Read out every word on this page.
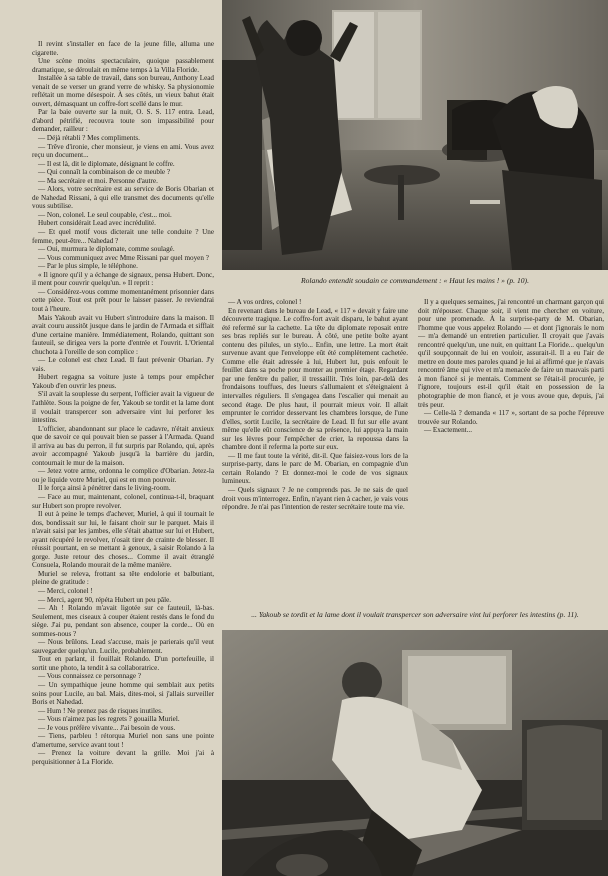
Rolando entendit soudain ce commandement : « Haut les mains ! » (p. 10).

Il revint s'installer en face de la jeune fille, alluma une cigarette.

Une scène moins spectaculaire, quoique passablement dramatique, se déroulait en même temps à la Villa Floride.

Installée à sa table de travail, dans son bureau, Anthony Lead venait de se verser un grand verre de whisky. Sa physionomie reflétait un morne désespoir. À ses côtés, un vieux bahut était ouvert, démasquant un coffre-fort scellé dans le mur.

Par la baie ouverte sur la nuit, O. S. S. 117 entra. Lead, d'abord pétrifié, recouvra toute son impassibilité pour demander, railleur :

— Déjà rétabli ? Mes compliments.

— Trêve d'ironie, cher monsieur, je viens en ami. Vous avez reçu un document...

— Il est là, dit le diplomate, désignant le coffre.

— Qui connaît la combinaison de ce meuble ?

— Ma secrétaire et moi. Personne d'autre.

— Alors, votre secrétaire est au service de Boris Obarian et de Nahedad Rissani, à qui elle transmet des documents qu'elle vous subtilise.

— Non, colonel. Le seul coupable, c'est... moi.

Hubert considérait Lead avec incrédulité.

— Et quel motif vous dicterait une telle conduite ? Une femme, peut-être... Nahedad ?

— Oui, murmura le diplomate, comme soulagé.

— Vous communiquez avec Mme Rissani par quel moyen ?

— Par le plus simple, le téléphone.

« Il ignore qu'il y a échange de signaux, pensa Hubert. Donc, il ment pour couvrir quelqu'un. » Il reprit :

— Considérez-vous comme momentanément prisonnier dans cette pièce. Tout est prêt pour le laisser passer. Je reviendrai tout à l'heure.

Mais Yakoub avait vu Hubert s'introduire dans la maison. Il avait couru aussitôt jusque dans le jardin de l'Armada et sifflait d'une certaine manière. Immédiatement, Rolando, quittant son fauteuil, se dirigea vers la porte d'entrée et l'ouvrit. L'Oriental chuchota à l'oreille de son complice :

— Le colonel est chez Lead. Il faut prévenir Obarian. J'y vais.

Hubert regagna sa voiture juste à temps pour empêcher Yakoub d'en ouvrir les pneus.

S'il avait la souplesse du serpent, l'officier avait la vigueur de l'athlète. Sous la poigne de fer, Yakoub se tordit et la lame dont il voulait transpercer son adversaire vint lui perforer les intestins.

L'officier, abandonnant sur place le cadavre, n'était anxieux que de savoir ce qui pouvait bien se passer à l'Armada. Quand il arriva au bas du perron, il fut surpris par Rolando, qui, après avoir accompagné Yakoub jusqu'à la barrière du jardin, contournait le mur de la maison.

— Jetez votre arme, ordonna le complice d'Obarian. Jetez-la ou je liquide votre Muriel, qui est en mon pouvoir.

Il le força ainsi à pénétrer dans le living-room.

— Face au mur, maintenant, colonel, continua-t-il, braquant sur Hubert son propre revolver.

Il eut à peine le temps d'achever, Muriel, à qui il tournait le dos, bondissait sur lui, le faisant choir sur le parquet. Mais il n'avait saisi par les jambes, elle s'était abattue sur lui et Hubert, ayant récupéré le revolver, n'osait tirer de crainte de blesser. Il réussit pourtant, en se mettant à genoux, à saisir Rolando à la gorge. Juste retour des choses... Comme il avait étranglé Consuela, Rolando mourait de la même manière.

Muriel se releva, frottant sa tête endolorie et balbutiant, pleine de gratitude :

— Merci, colonel !

— Merci, agent 90, répéta Hubert un peu pâle.

— Ah ! Rolando m'avait ligotée sur ce fauteuil, là-bas. Seulement, mes ciseaux à couper étaient restés dans le fond du siège. J'ai pu, pendant son absence, couper la corde... Où en sommes-nous ?

— Nous brûlons. Lead s'accuse, mais je parierais qu'il veut sauvegarder quelqu'un. Lucile, probablement.

Tout en parlant, il fouillait Rolando. D'un portefeuille, il sortit une photo, la tendit à sa collaboratrice.

— Vous connaissez ce personnage ?

— Un sympathique jeune homme qui semblait aux petits soins pour Lucile, au bal. Mais, dites-moi, si j'allais surveiller Boris et Nahedad.

— Hum ! Ne prenez pas de risques inutiles.

— Vous n'aimez pas les regrets ? gouailla Muriel.

— Je vous préfère vivante... J'ai besoin de vous.

— Tiens, parbleu ! rétorqua Muriel non sans une pointe d'amertume, service avant tout !

— Prenez la voiture devant la grille. Moi j'ai à perquisitionner à La Floride.

— A vos ordres, colonel !

En revenant dans le bureau de Lead, « 117 » devait y faire une découverte tragique. Le coffre-fort avait disparu, le bahut ayant été refermé sur la cachette. La tête du diplomate reposait entre ses bras repliés sur le bureau. À côté, une petite boîte ayant contenu des pilules, un stylo... Enfin, une lettre. La mort était survenue avant que l'enveloppe eût été complètement cachetée. Comme elle était adressée à lui, Hubert lut, puis enfouit le feuillet dans sa poche pour monter au premier étage. Regardant par une fenêtre du palier, il tressaillit. Très loin, par-delà des frondaisons touffues, des lueurs s'allumaient et s'éteignaient à intervalles réguliers. Il s'engagea dans l'escalier qui menait au second étage. De plus haut, il pourrait mieux voir. Il allait emprunter le corridor desservant les chambres lorsque, de l'une d'elles, sortit Lucile, la secrétaire de Lead. Il fut sur elle avant même qu'elle eût conscience de sa présence, lui appuya la main sur les lèvres pour l'empêcher de crier, la repoussa dans la chambre dont il referma la porte sur eux.

— Il me faut toute la vérité, dit-il. Que faisiez-vous lors de la surprise-party, dans le parc de M. Obarian, en compagnie d'un certain Rolando ? Et donnez-moi le code de vos signaux lumineux.

— Quels signaux ? Je ne comprends pas. Je ne sais de quel droit vous m'interrogez. Enfin, n'ayant rien à cacher, je vais vous répondre. Je n'ai pas l'intention de rester secrétaire toute ma vie.

Il y a quelques semaines, j'ai rencontré un charmant garçon qui doit m'épouser. Chaque soir, il vient me chercher en voiture, pour une promenade. À la surprise-party de M. Obarian, l'homme que vous appelez Rolando — et dont j'ignorais le nom — m'a demandé un entretien particulier. Il croyait que j'avais rencontré quelqu'un, une nuit, en quittant La Floride... quelqu'un qu'il soupçonnait de lui en vouloir, assurait-il. Il a eu l'air de mettre en doute mes paroles quand je lui ai affirmé que je n'avais rencontré âme qui vive et m'a menacée de faire un mauvais parti à mon fiancé si je mentais. Comment se l'était-il procurée, je l'ignore, toujours est-il qu'il était en possession de la photographie de mon fiancé, et je vous avoue que, depuis, j'ai très peur.

— Celle-là ? demanda « 117 », sortant de sa poche l'épreuve trouvée sur Rolando.

— Exactement...

... Yakoub se tordit et la lame dont il voulait transpercer son adversaire vint lui perforer les intestins (p. 11).
